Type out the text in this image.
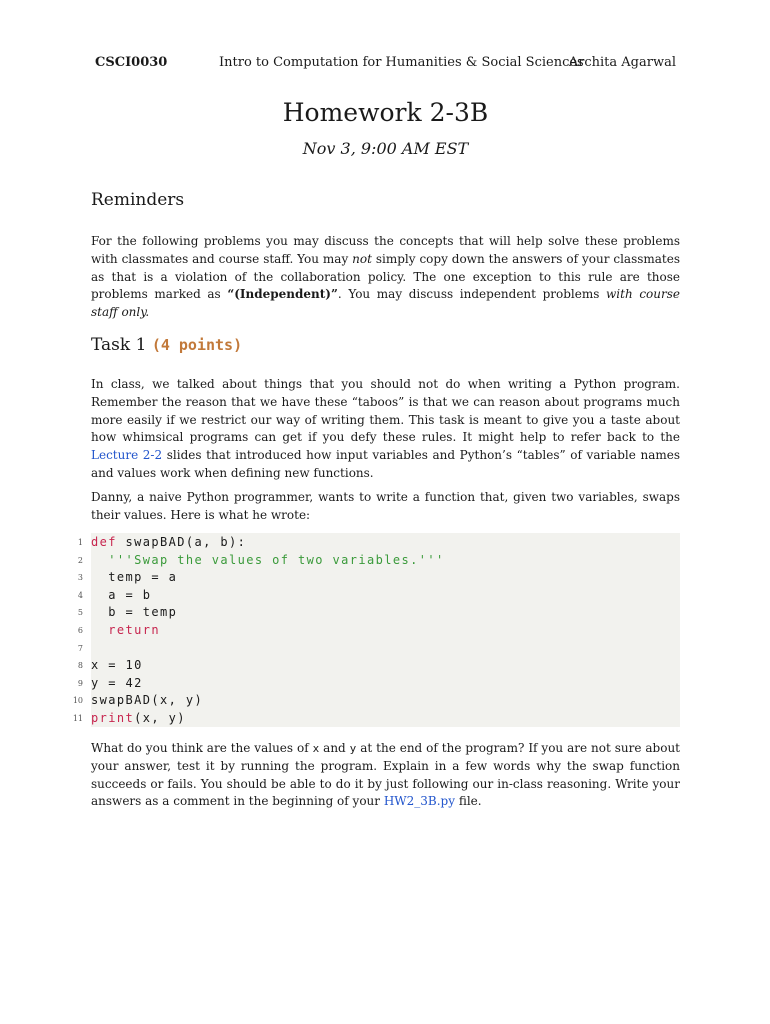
CSCI0030	Intro to Computation for Humanities & Social Sciences
Archita Agarwal
Homework 2-3B
Nov 3, 9:00 AM EST
Reminders
For the following problems you may discuss the concepts that will help solve these problems with classmates and course staff. You may not simply copy down the answers of your classmates as that is a violation of the collaboration policy. The one exception to this rule are those problems marked as “(Independent)”. You may discuss independent problems with course staff only.
Task 1 (4 points)
In class, we talked about things that you should not do when writing a Python program. Remember the reason that we have these “taboos” is that we can reason about programs much more easily if we restrict our way of writing them. This task is meant to give you a taste about how whimsical programs can get if you defy these rules. It might help to refer back to the Lecture 2-2 slides that introduced how input variables and Python’s “tables” of variable names and values work when defining new functions.
Danny, a naive Python programmer, wants to write a function that, given two variables, swaps their values. Here is what he wrote:
1 def swapBAD(a, b):
2	'''Swap the values of two variables.'''
3 temp = a
4 a = b
5 b = temp
6	return
7
8 x = 10
9 y = 42
10 swapBAD(x, y)
11 print(x, y)
What do you think are the values of x and y at the end of the program? If you are not sure about your answer, test it by running the program. Explain in a few words why the swap function succeeds or fails. You should be able to do it by just following our in-class reasoning. Write your answers as a comment in the beginning of your HW2_3B.py file.
